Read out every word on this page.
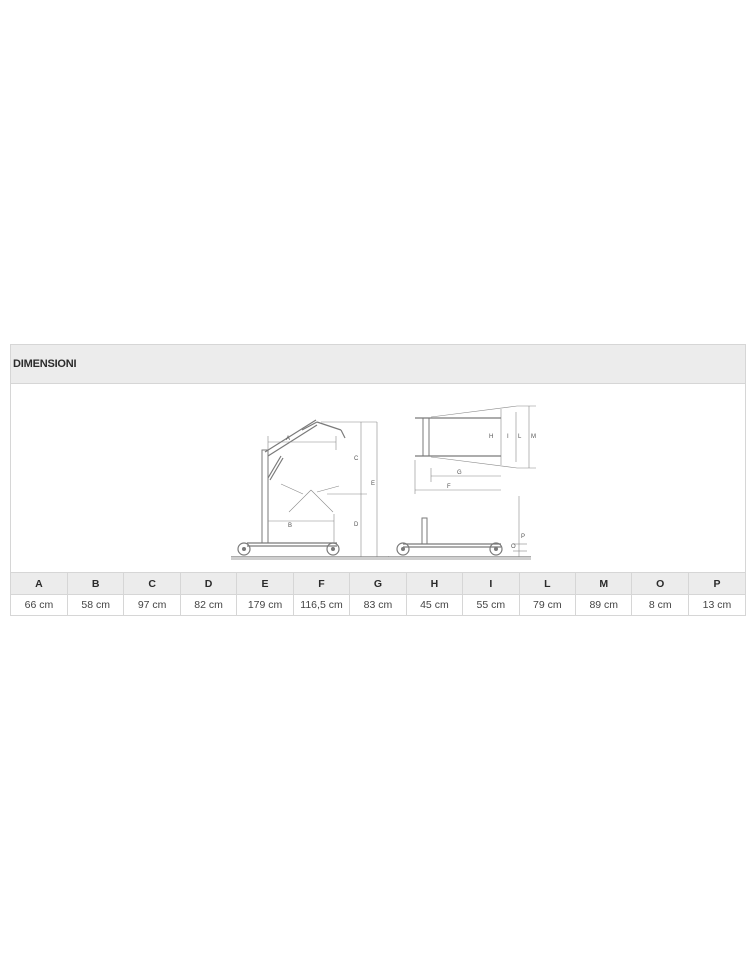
DIMENSIONI
A
B
C
D
E
G
F
H I L M
O
P
A	B	C	D	E	F	G	H	I	L	M	O	P
66 cm	58 cm	97 cm	82 cm	179 cm	116,5 cm	83 cm	45 cm	55 cm	79 cm	89 cm	8 cm	13 cm
